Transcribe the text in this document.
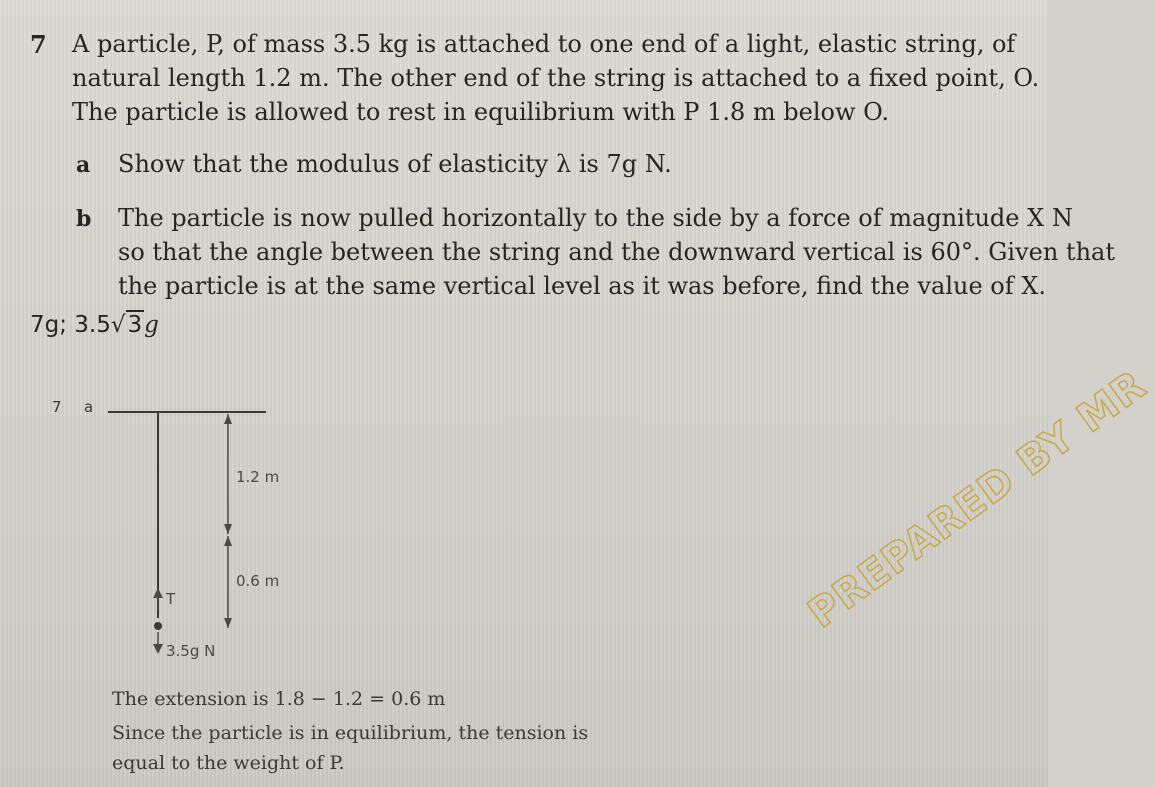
7 A particle, P, of mass 3.5 kg is attached to one end of a light, elastic string, of
natural length 1.2 m. The other end of the string is attached to a fixed point, O.
The particle is allowed to rest in equilibrium with P 1.8 m below O.
a Show that the modulus of elasticity λ is 7g N.
b The particle is now pulled horizontally to the side by a force of magnitude X N
so that the angle between the string and the downward vertical is 60°. Given that
the particle is at the same vertical level as it was before, find the value of X.
7g; 3.5√3g
7 a
T
3.5g N
1.2 m
0.6 m
The extension is 1.8 − 1.2 = 0.6 m
Since the particle is in equilibrium, the tension is
equal to the weight of P.
PREPARED BY MR
